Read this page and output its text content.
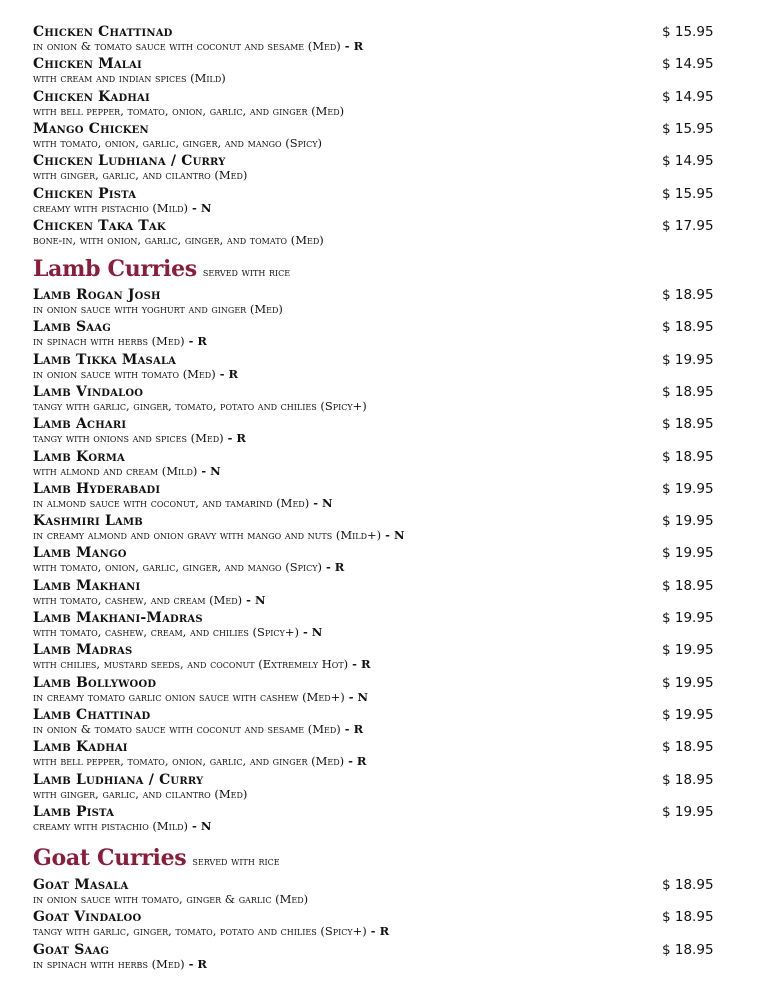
Lamb Curries served with rice
Goat Curries served with rice
Chicken Chattinad
in onion & tomato sauce with coconut and sesame (Med) - R
$ 15.95
Chicken Malai
with cream and indian spices (Mild)
$ 14.95
Chicken Kadhai
with bell pepper, tomato, onion, garlic, and ginger (Med)
$ 14.95
Mango Chicken
with tomato, onion, garlic, ginger, and mango (Spicy)
$ 15.95
Chicken Ludhiana / Curry
with ginger, garlic, and cilantro (Med)
$ 14.95
Chicken Pista
creamy with pistachio (Mild) - N
$ 15.95
Chicken Taka Tak
bone-in, with onion, garlic, ginger, and tomato (Med)
$ 17.95
Lamb Rogan Josh
in onion sauce with yoghurt and ginger (Med)
$ 18.95
Lamb Saag
in spinach with herbs (Med) - R
$ 18.95
Lamb Tikka Masala
in onion sauce with tomato (Med) - R
$ 19.95
Lamb Vindaloo
tangy with garlic, ginger, tomato, potato and chilies (Spicy+)
$ 18.95
Lamb Achari
tangy with onions and spices (Med) - R
$ 18.95
Lamb Korma
with almond and cream (Mild) - N
$ 18.95
Lamb Hyderabadi
in almond sauce with coconut, and tamarind (Med) - N
$ 19.95
Kashmiri Lamb
in creamy almond and onion gravy with mango and nuts (Mild+) - N
$ 19.95
Lamb Mango
with tomato, onion, garlic, ginger, and mango (Spicy) - R
$ 19.95
Lamb Makhani
with tomato, cashew, and cream (Med) - N
$ 18.95
Lamb Makhani-Madras
with tomato, cashew, cream, and chilies (Spicy+) - N
$ 19.95
Lamb Madras
with chilies, mustard seeds, and coconut (Extremely Hot) - R
$ 19.95
Lamb Bollywood
in creamy tomato garlic onion sauce with cashew (Med+) - N
$ 19.95
Lamb Chattinad
in onion & tomato sauce with coconut and sesame (Med) - R
$ 19.95
Lamb Kadhai
with bell pepper, tomato, onion, garlic, and ginger (Med) - R
$ 18.95
Lamb Ludhiana / Curry
with ginger, garlic, and cilantro (Med)
$ 18.95
Lamb Pista
creamy with pistachio (Mild) - N
$ 19.95
Goat Masala
in onion sauce with tomato, ginger & garlic (Med)
$ 18.95
Goat Vindaloo
tangy with garlic, ginger, tomato, potato and chilies (Spicy+) - R
$ 18.95
Goat Saag
in spinach with herbs (Med) - R
$ 18.95
